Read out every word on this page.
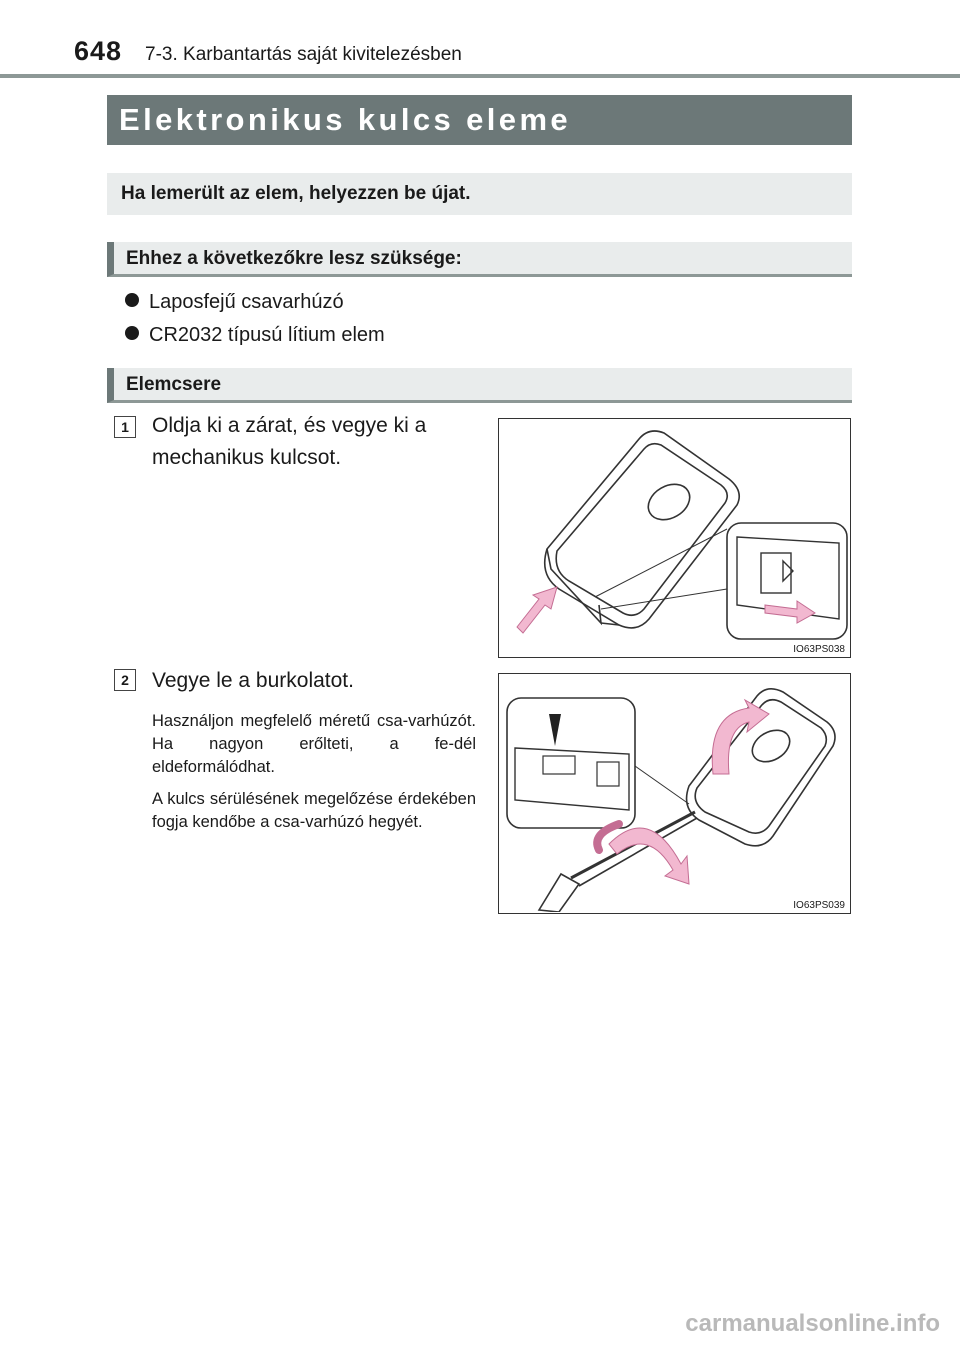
648 7-3. Karbantartás saját kivitelezésben
Elektronikus kulcs eleme
Ha lemerült az elem, helyezzen be újat.
Ehhez a következőkre lesz szüksége:
Laposfejű csavarhúzó
CR2032 típusú lítium elem
Elemcsere
1	Oldja ki a zárat, és vegye ki a mechanikus kulcsot.
IO63PS038
2	Vegye le a burkolatot.
Használjon megfelelő méretű csa-varhúzót. Ha nagyon erőlteti, a fe-dél eldeformálódhat.
A kulcs sérülésének megelőzése érdekében fogja kendőbe a csa-varhúzó hegyét.
IO63PS039
carmanualsonline.info
